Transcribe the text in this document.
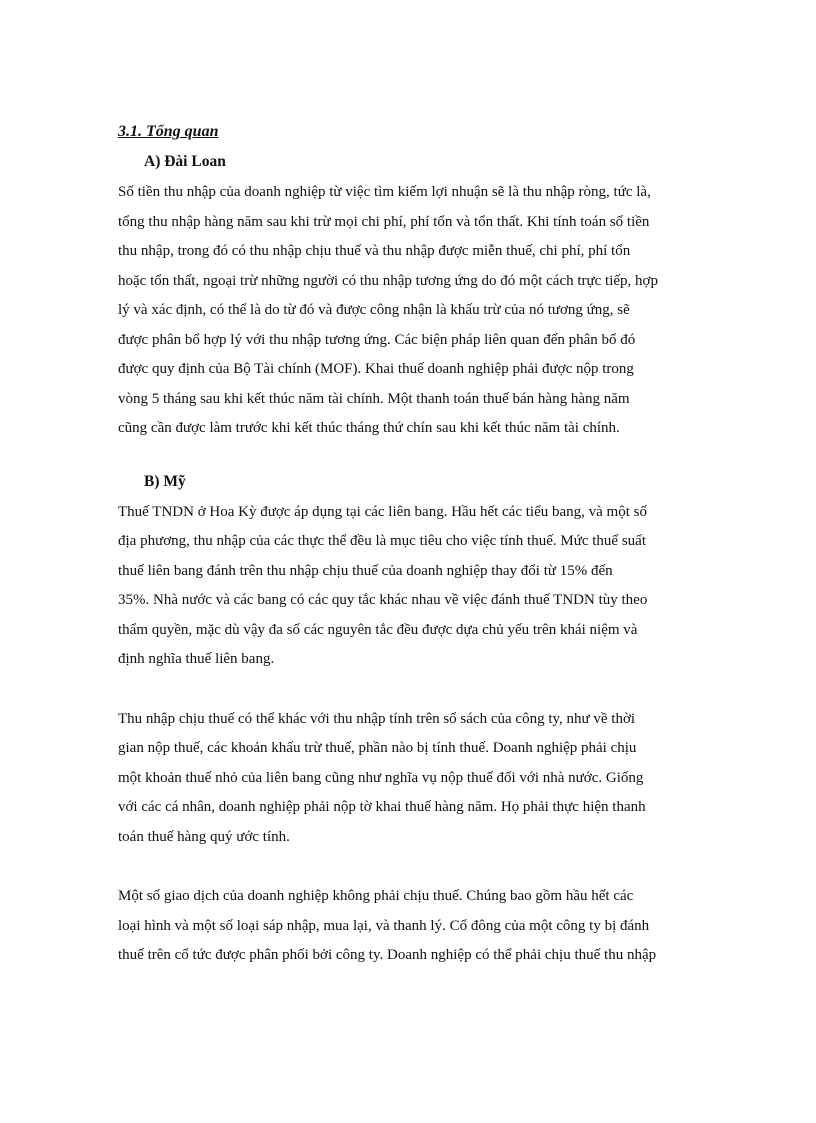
3.1. Tổng quan
A) Đài Loan

Số tiền thu nhập của doanh nghiệp từ việc tìm kiếm lợi nhuận sẽ là thu nhập ròng, tức là,
tổng thu nhập hàng năm sau khi trừ mọi chi phí, phí tổn và tổn thất. Khi tính toán số tiền
thu nhập, trong đó có thu nhập chịu thuế và thu nhập được miễn thuế, chi phí, phí tổn
hoặc tổn thất, ngoại trừ những người có thu nhập tương ứng do đó một cách trực tiếp, hợp
lý và xác định, có thể là do từ đó và được công nhận là khấu trừ của nó tương ứng, sẽ
được phân bổ hợp lý với thu nhập tương ứng. Các biện pháp liên quan đến phân bổ đó
được quy định của Bộ Tài chính (MOF). Khai thuế doanh nghiệp phải được nộp trong
vòng 5 tháng sau khi kết thúc năm tài chính. Một thanh toán thuế bán hàng hàng năm
cũng cần được làm trước khi kết thúc tháng thứ chín sau khi kết thúc năm tài chính.

B) Mỹ

Thuế TNDN ở Hoa Kỳ được áp dụng tại các liên bang. Hầu hết các tiểu bang, và một số
địa phương, thu nhập của các thực thể đều là mục tiêu cho việc tính thuế. Mức thuế suất
thuế liên bang đánh trên thu nhập chịu thuế của doanh nghiệp thay đổi từ 15% đến
35%. Nhà nước và các bang có các quy tắc khác nhau về việc đánh thuế TNDN tùy theo
thẩm quyền, mặc dù vậy đa số các nguyên tắc đều được dựa chủ yếu trên khái niệm và
định nghĩa thuế liên bang.

Thu nhập chịu thuế có thể khác với thu nhập tính trên sổ sách của công ty, như về thời
gian nộp thuế, các khoản khấu trừ thuế, phần nào bị tính thuế. Doanh nghiệp phải chịu
một khoản thuế nhỏ của liên bang cũng như nghĩa vụ nộp thuế đối với nhà nước. Giống
với các cá nhân, doanh nghiệp phải nộp tờ khai thuế hàng năm. Họ phải thực hiện thanh
toán thuế hàng quý ước tính.

Một số giao dịch của doanh nghiệp không phải chịu thuế. Chúng bao gồm hầu hết các
loại hình và một số loại sáp nhập, mua lại, và thanh lý. Cổ đông của một công ty bị đánh
thuế trên cổ tức được phân phối bởi công ty. Doanh nghiệp có thể phải chịu thuế thu nhập
